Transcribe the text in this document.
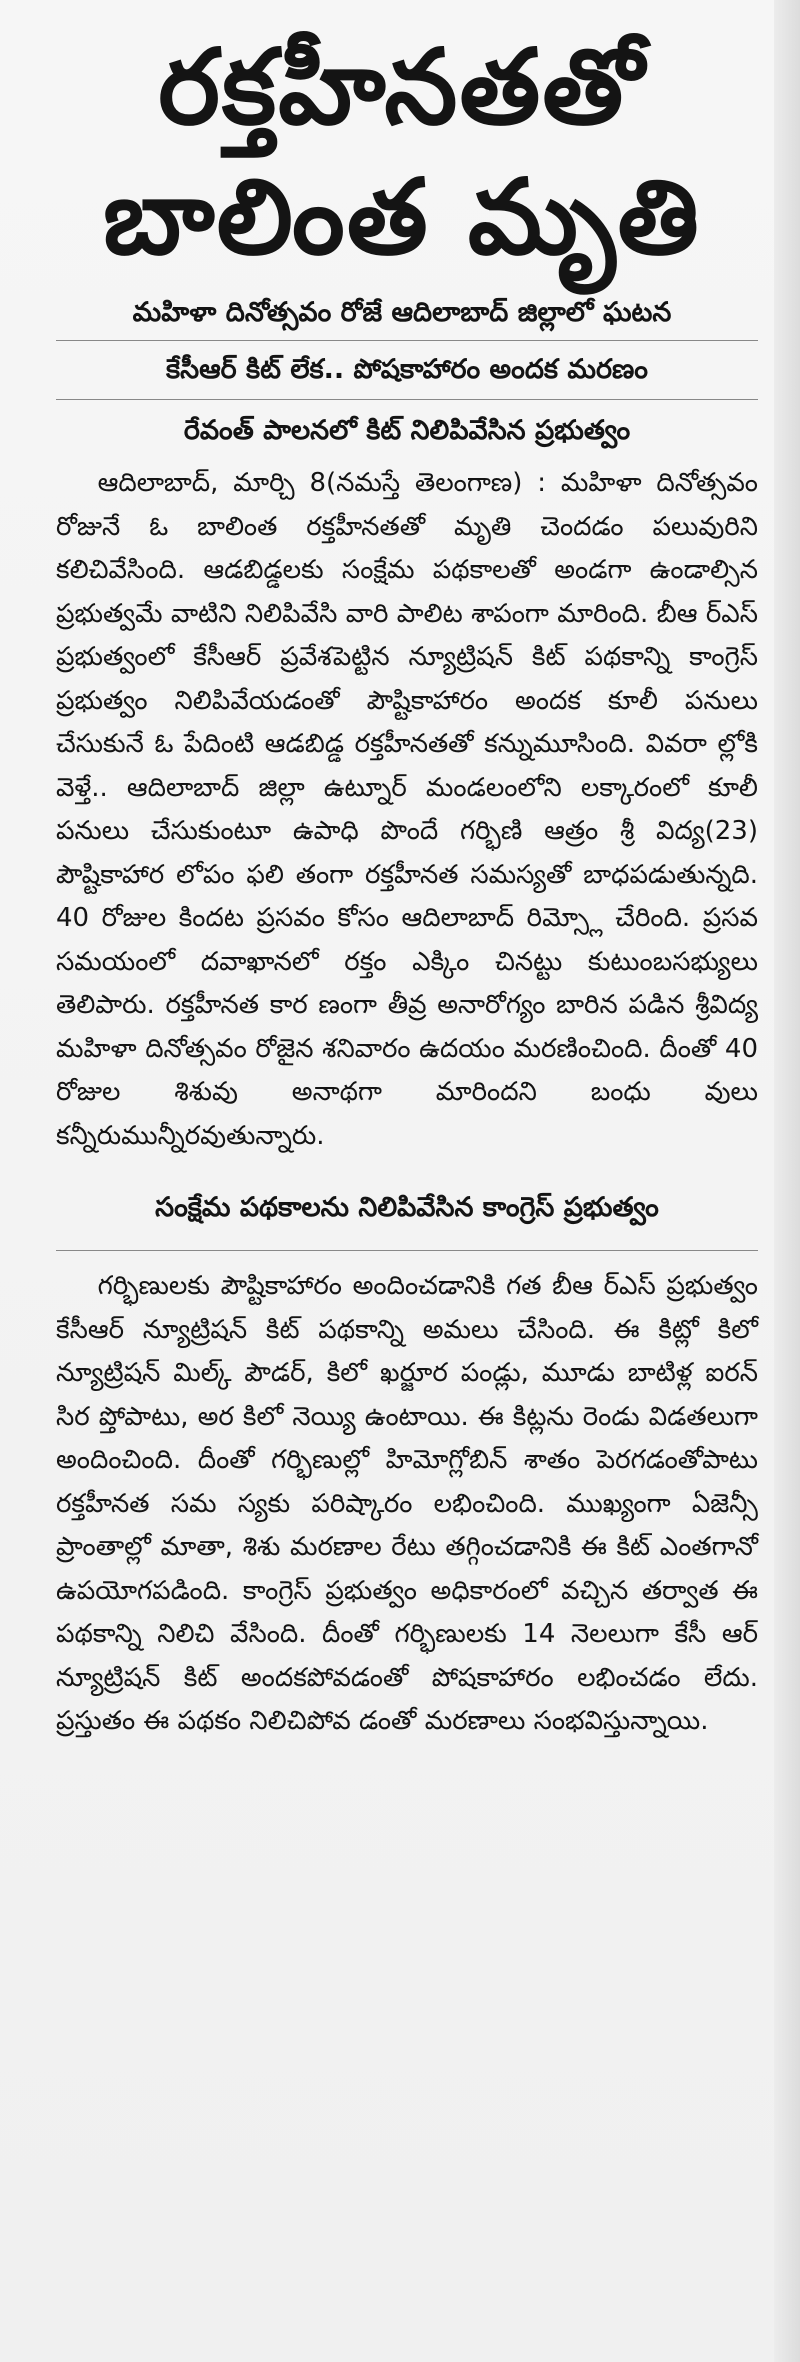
రక్తహీనతతో
బాలింత మృతి

మహిళా దినోత్సవం రోజే ఆదిలాబాద్ జిల్లాలో ఘటన

కేసీఆర్ కిట్ లేక.. పోషకాహారం అందక మరణం

రేవంత్ పాలనలో కిట్ నిలిపివేసిన ప్రభుత్వం

ఆదిలాబాద్, మార్చి 8(నమస్తే తెలంగాణ) : మహిళా దినోత్సవం రోజునే ఓ బాలింత రక్తహీనతతో మృతి చెందడం పలువురిని కలిచివేసింది. ఆడబిడ్డలకు సంక్షేమ పథకాలతో అండగా ఉండాల్సిన ప్రభుత్వమే వాటిని నిలిపివేసి వారి పాలిట శాపంగా మారింది. బీఆ ర్ఎస్ ప్రభుత్వంలో కేసీఆర్ ప్రవేశపెట్టిన న్యూట్రిషన్ కిట్ పథకాన్ని కాంగ్రెస్ ప్రభుత్వం నిలిపివేయడంతో పౌష్టికాహారం అందక కూలీ పనులు చేసుకునే ఓ పేదింటి ఆడబిడ్డ రక్తహీనతతో కన్నుమూసింది. వివరా ల్లోకి వెళ్తే.. ఆదిలాబాద్ జిల్లా ఉట్నూర్ మండలంలోని లక్కారంలో కూలీ పనులు చేసుకుంటూ ఉపాధి పొందే గర్భిణి ఆత్రం శ్రీ విద్య(23) పౌష్టికాహార లోపం ఫలి తంగా రక్తహీనత సమస్యతో బాధపడుతున్నది. 40 రోజుల కిందట ప్రసవం కోసం ఆదిలాబాద్ రిమ్స్లో చేరింది. ప్రసవ సమయంలో దవాఖానలో రక్తం ఎక్కిం చినట్టు కుటుంబసభ్యులు తెలిపారు. రక్తహీనత కార ణంగా తీవ్ర అనారోగ్యం బారిన పడిన శ్రీవిద్య మహిళా దినోత్సవం రోజైన శనివారం ఉదయం మరణించింది. దీంతో 40 రోజుల శిశువు అనాథగా మారిందని బంధు వులు కన్నీరుమున్నీరవుతున్నారు.

సంక్షేమ పథకాలను నిలిపివేసిన కాంగ్రెస్ ప్రభుత్వం

గర్భిణులకు పౌష్టికాహారం అందించడానికి గత బీఆ ర్ఎస్ ప్రభుత్వం కేసీఆర్ న్యూట్రిషన్ కిట్ పథకాన్ని అమలు చేసింది. ఈ కిట్లో కిలో న్యూట్రిషన్ మిల్క్ పౌడర్, కిలో ఖర్జూర పండ్లు, మూడు బాటిళ్ల ఐరన్ సిర ప్తోపాటు, అర కిలో నెయ్యి ఉంటాయి. ఈ కిట్లను రెండు విడతలుగా అందించింది. దీంతో గర్భిణుల్లో హిమోగ్లోబిన్ శాతం పెరగడంతోపాటు రక్తహీనత సమ స్యకు పరిష్కారం లభించింది. ముఖ్యంగా ఏజెన్సీ ప్రాంతాల్లో మాతా, శిశు మరణాల రేటు తగ్గించడానికి ఈ కిట్ ఎంతగానో ఉపయోగపడింది. కాంగ్రెస్ ప్రభుత్వం అధికారంలో వచ్చిన తర్వాత ఈ పథకాన్ని నిలిచి వేసింది. దీంతో గర్భిణులకు 14 నెలలుగా కేసీ ఆర్ న్యూట్రిషన్ కిట్ అందకపోవడంతో పోషకాహారం లభించడం లేదు. ప్రస్తుతం ఈ పథకం నిలిచిపోవ డంతో మరణాలు సంభవిస్తున్నాయి.
